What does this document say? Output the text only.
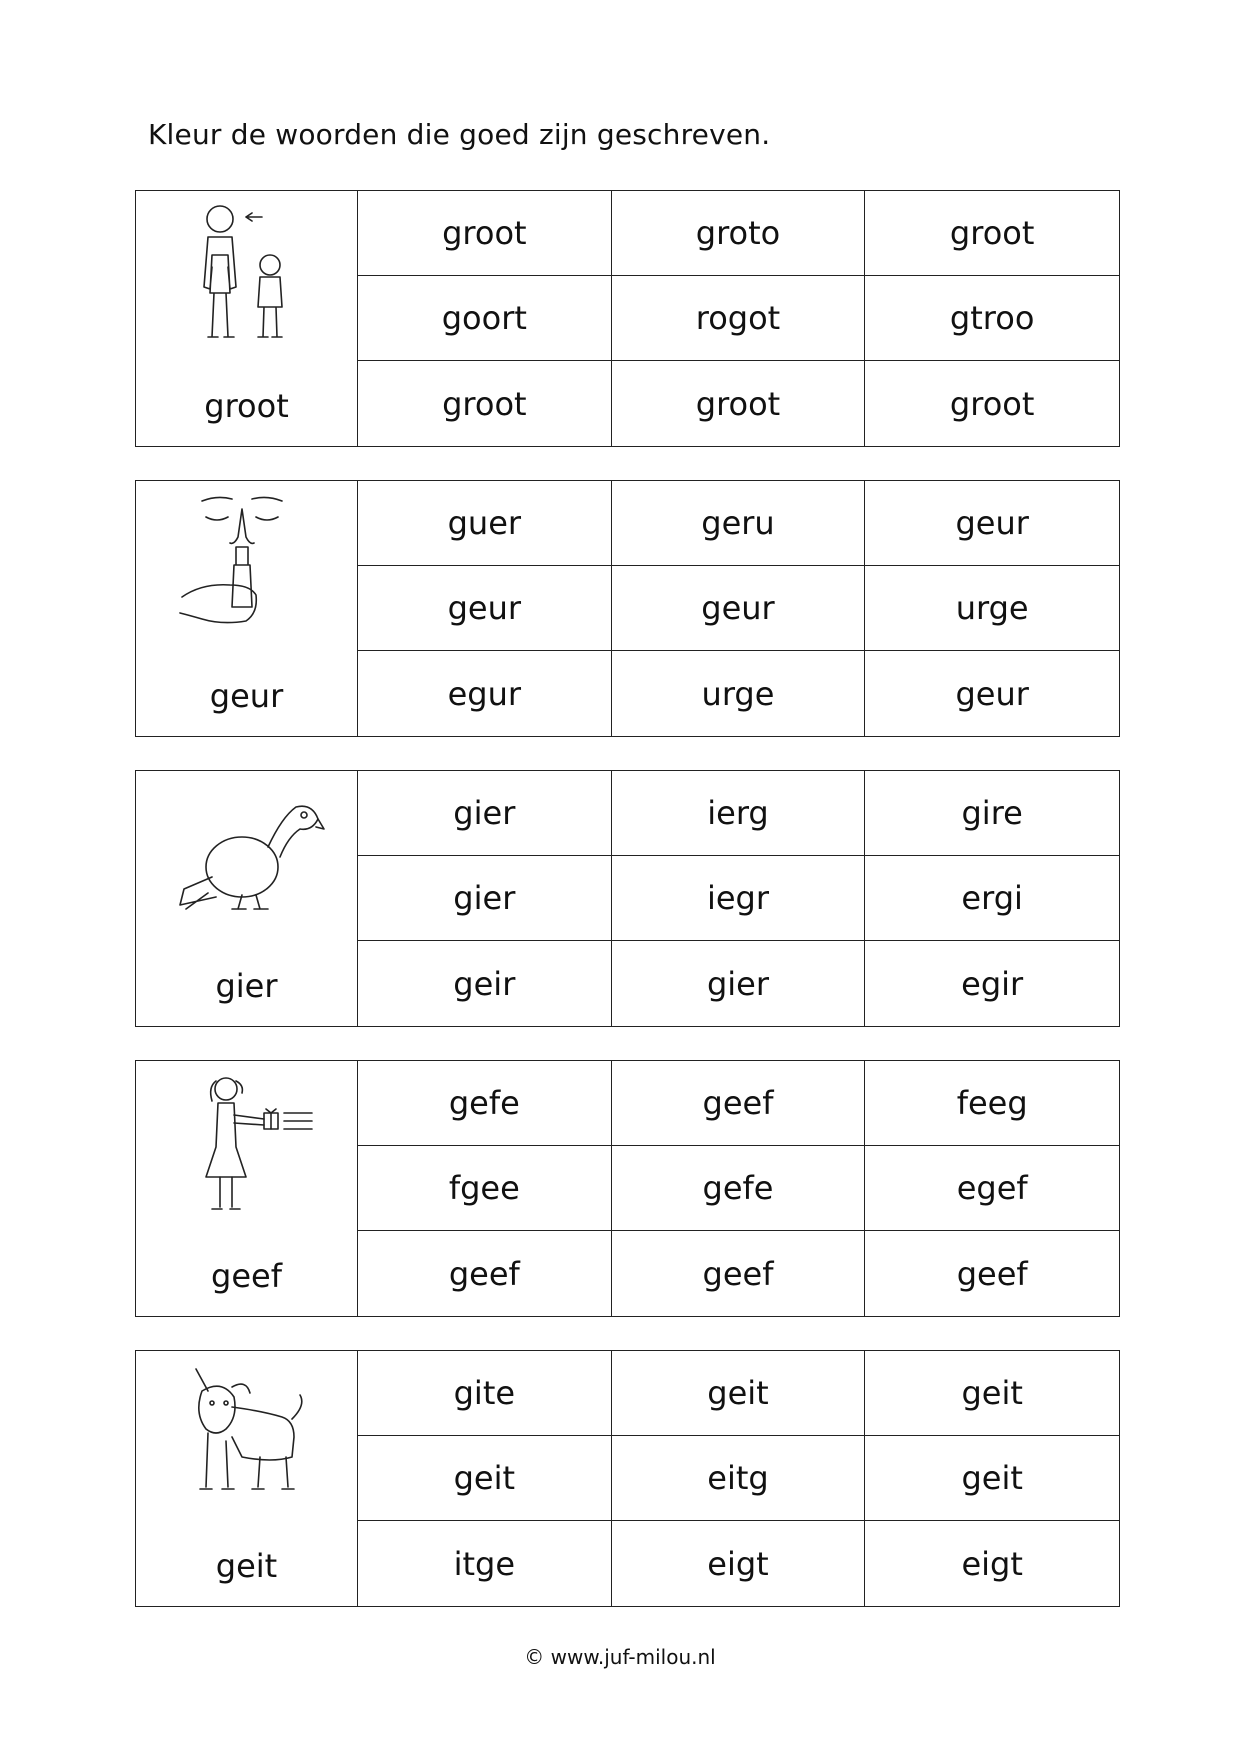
Kleur de woorden die goed zijn geschreven.
groot
groot	groto	groot
goort	rogot	gtroo
groot	groot	groot
geur
guer	geru	geur
geur	geur	urge
egur	urge	geur
gier
gier	ierg	gire
gier	iegr	ergi
geir	gier	egir
geef
gefe	geef	feeg
fgee	gefe	egef
geef	geef	geef
geit
gite	geit	geit
geit	eitg	geit
itge	eigt	eigt
© www.juf-milou.nl
